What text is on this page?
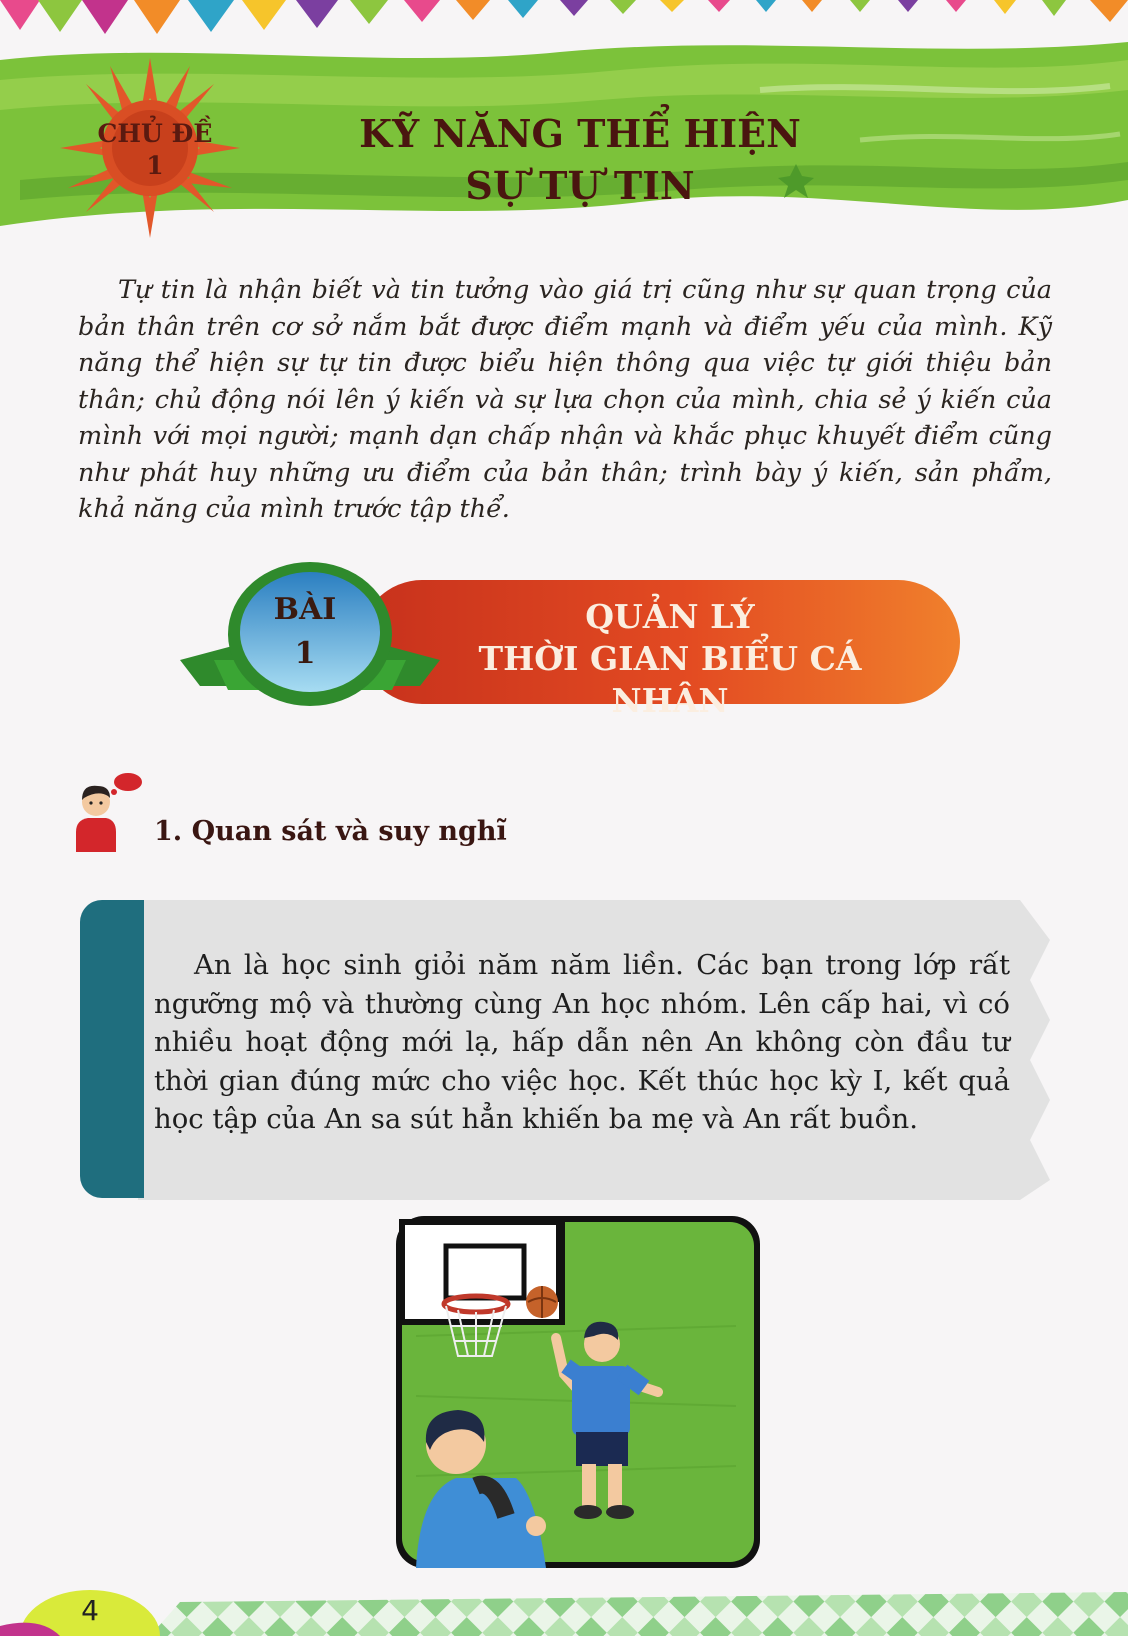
CHỦ ĐỀ
1
KỸ NĂNG THỂ HIỆN
SỰ TỰ TIN

Tự tin là nhận biết và tin tưởng vào giá trị cũng như sự quan trọng của bản thân trên cơ sở nắm bắt được điểm mạnh và điểm yếu của mình. Kỹ năng thể hiện sự tự tin được biểu hiện thông qua việc tự giới thiệu bản thân; chủ động nói lên ý kiến và sự lựa chọn của mình, chia sẻ ý kiến của mình với mọi người; mạnh dạn chấp nhận và khắc phục khuyết điểm cũng như phát huy những ưu điểm của bản thân; trình bày ý kiến, sản phẩm, khả năng của mình trước tập thể.

BÀI
1
QUẢN LÝ
THỜI GIAN BIỂU CÁ NHÂN
1. Quan sát và suy nghĩ

An là học sinh giỏi năm năm liền. Các bạn trong lớp rất ngưỡng mộ và thường cùng An học nhóm. Lên cấp hai, vì có nhiều hoạt động mới lạ, hấp dẫn nên An không còn đầu tư thời gian đúng mức cho việc học. Kết thúc học kỳ I, kết quả học tập của An sa sút hẳn khiến ba mẹ và An rất buồn.

4
